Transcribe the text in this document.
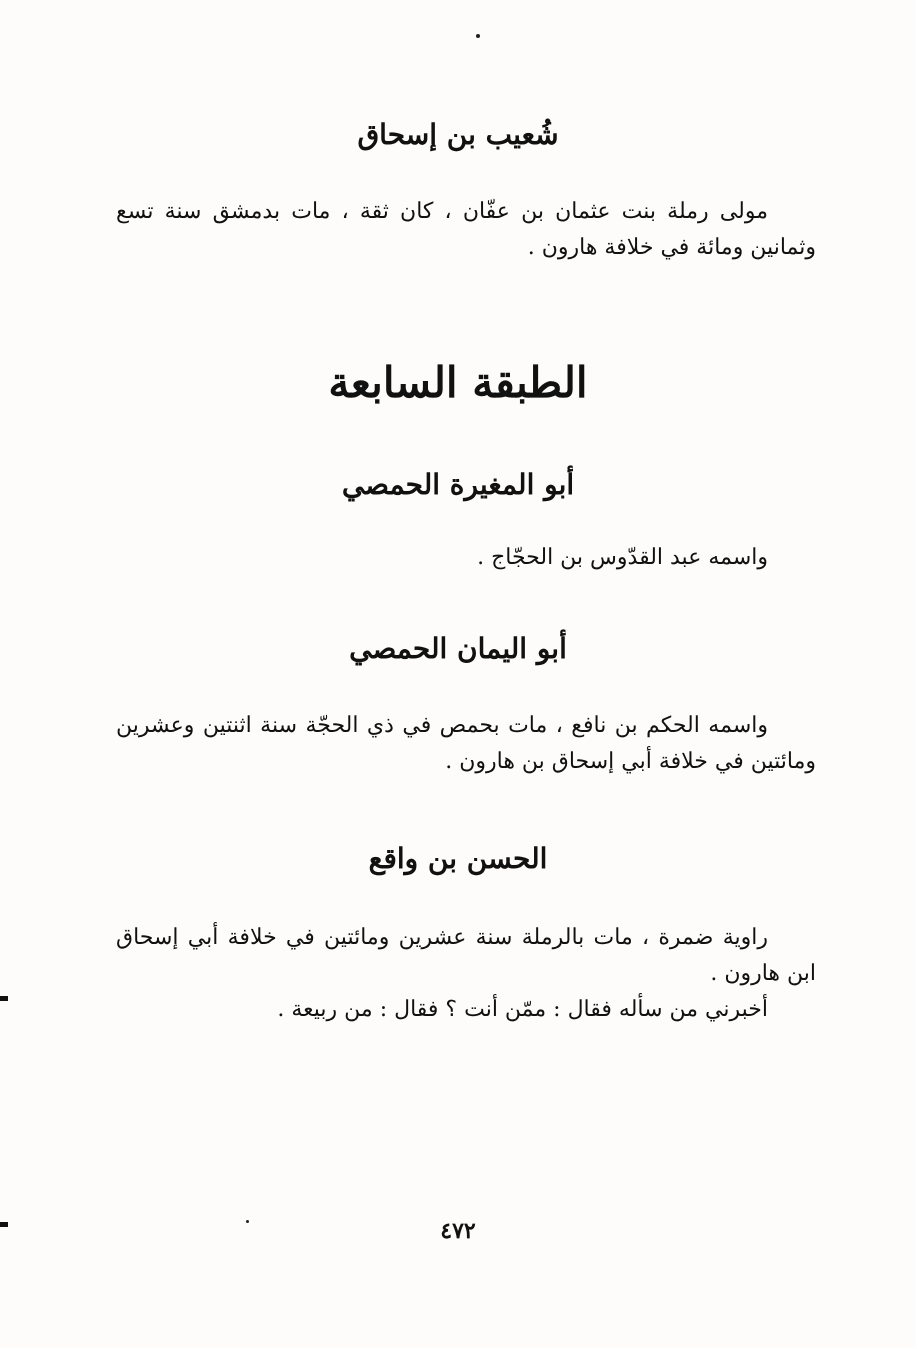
شُعيب بن إسحاق

مولى رملة بنت عثمان بن عفّان ، كان ثقة ، مات بدمشق سنة تسع وثمانين ومائة في خلافة هارون .

الطبقة السابعة
أبو المغيرة الحمصي

واسمه عبد القدّوس بن الحجّاج .

أبو اليمان الحمصي

واسمه الحكم بن نافع ، مات بحمص في ذي الحجّة سنة اثنتين وعشرين ومائتين في خلافة أبي إسحاق بن هارون .

الحسن بن واقع

راوية ضمرة ، مات بالرملة سنة عشرين ومائتين في خلافة أبي إسحاق ابن هارون .

أخبرني من سأله فقال : ممّن أنت ؟ فقال : من ربيعة .

٤٧٢
